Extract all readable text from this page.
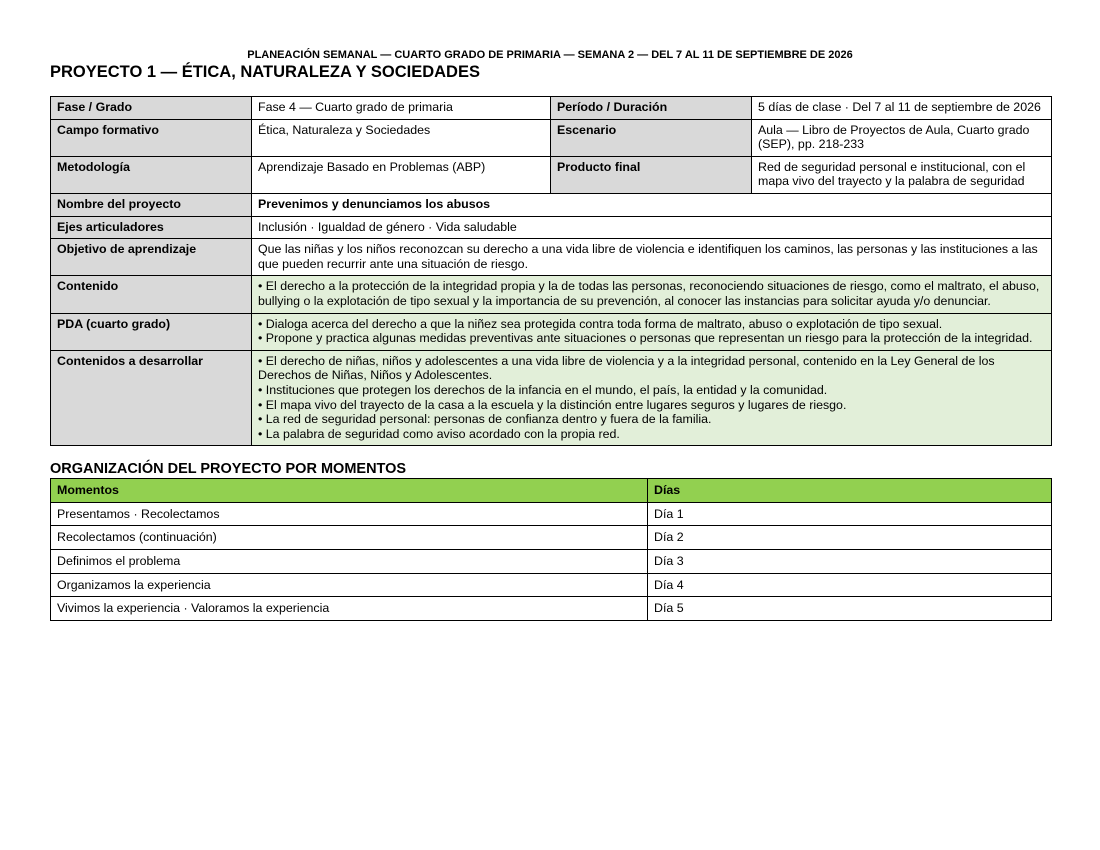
PLANEACIÓN SEMANAL — CUARTO GRADO DE PRIMARIA — SEMANA 2 — DEL 7 AL 11 DE SEPTIEMBRE DE 2026
PROYECTO 1 — ÉTICA, NATURALEZA Y SOCIEDADES
Fase / Grado	Fase 4 — Cuarto grado de primaria	Período / Duración	5 días de clase · Del 7 al 11 de septiembre de 2026
Campo formativo	Ética, Naturaleza y Sociedades	Escenario	Aula — Libro de Proyectos de Aula, Cuarto grado (SEP), pp. 218-233
Metodología	Aprendizaje Basado en Problemas (ABP)	Producto final	Red de seguridad personal e institucional, con el mapa vivo del trayecto y la palabra de seguridad
Nombre del proyecto	Prevenimos y denunciamos los abusos		
Ejes articuladores	Inclusión · Igualdad de género · Vida saludable		
Objetivo de aprendizaje	Que las niñas y los niños reconozcan su derecho a una vida libre de violencia e identifiquen los caminos, las personas y las instituciones a las que pueden recurrir ante una situación de riesgo.		
Contenido	• El derecho a la protección de la integridad propia y la de todas las personas, reconociendo situaciones de riesgo, como el maltrato, el abuso, bullying o la explotación de tipo sexual y la importancia de su prevención, al conocer las instancias para solicitar ayuda y/o denunciar.		

PDA (cuarto grado)	• Dialoga acerca del derecho a que la niñez sea protegida contra toda forma de maltrato, abuso o explotación de tipo sexual.
• Propone y practica algunas medidas preventivas ante situaciones o personas que representan un riesgo para la protección de la integridad.		

Contenidos a desarrollar	• El derecho de niñas, niños y adolescentes a una vida libre de violencia y a la integridad personal, contenido en la Ley General de los Derechos de Niñas, Niños y Adolescentes.
• Instituciones que protegen los derechos de la infancia en el mundo, el país, la entidad y la comunidad.
• El mapa vivo del trayecto de la casa a la escuela y la distinción entre lugares seguros y lugares de riesgo.
• La red de seguridad personal: personas de confianza dentro y fuera de la familia.
• La palabra de seguridad como aviso acordado con la propia red.		
ORGANIZACIÓN DEL PROYECTO POR MOMENTOS
Momentos	Días
Presentamos · Recolectamos	Día 1
Recolectamos (continuación)	Día 2
Definimos el problema	Día 3
Organizamos la experiencia	Día 4
Vivimos la experiencia · Valoramos la experiencia	Día 5
